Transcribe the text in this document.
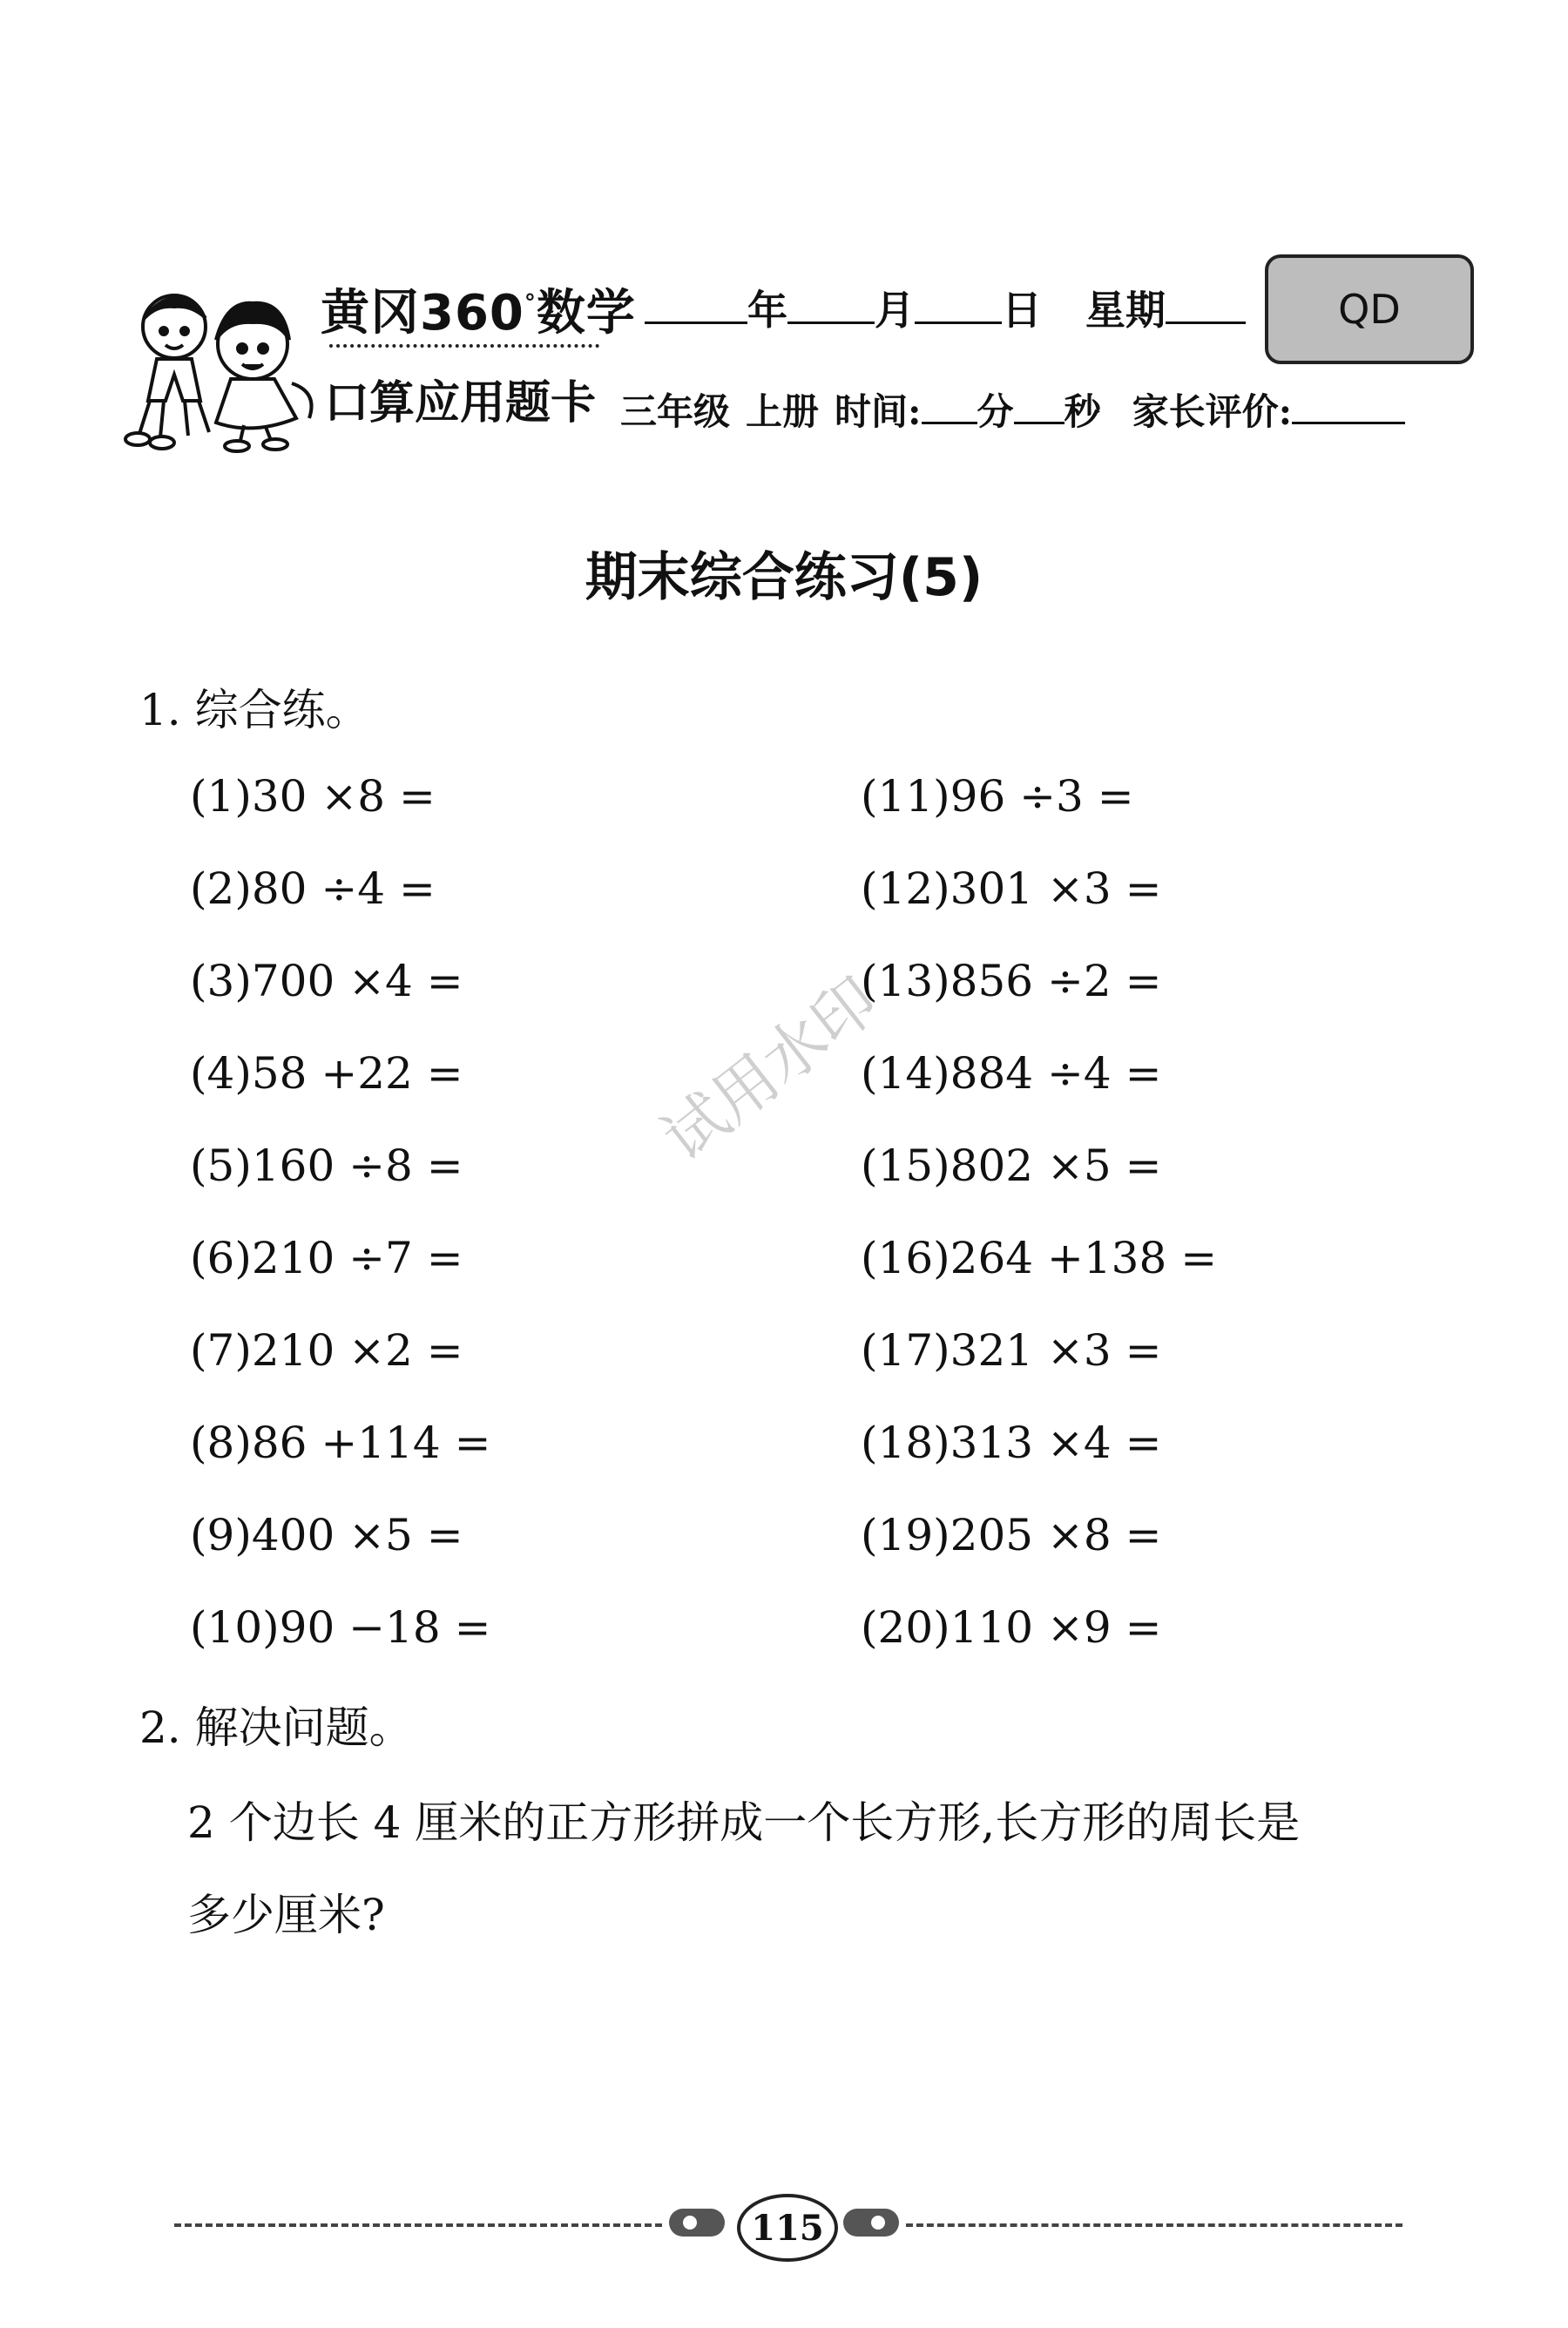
黄冈360°数学
口算应用题卡
年 月 日 星期	QD
三年级 上册 时间: 分 秒 家长评价:
期末综合练习(5)
1. 综合练。
(1)30 ×8 =
(2)80 ÷4 =
(3)700 ×4 =
(4)58 +22 =
(5)160 ÷8 =
(6)210 ÷7 =
(7)210 ×2 =
(8)86 +114 =
(9)400 ×5 =
(10)90 −18 =
(11)96 ÷3 =
(12)301 ×3 =
(13)856 ÷2 =
(14)884 ÷4 =
(15)802 ×5 =
(16)264 +138 =
(17)321 ×3 =
(18)313 ×4 =
(19)205 ×8 =
(20)110 ×9 =
试用水印
2. 解决问题。
2 个边长 4 厘米的正方形拼成一个长方形,长方形的周长是
多少厘米?
115
